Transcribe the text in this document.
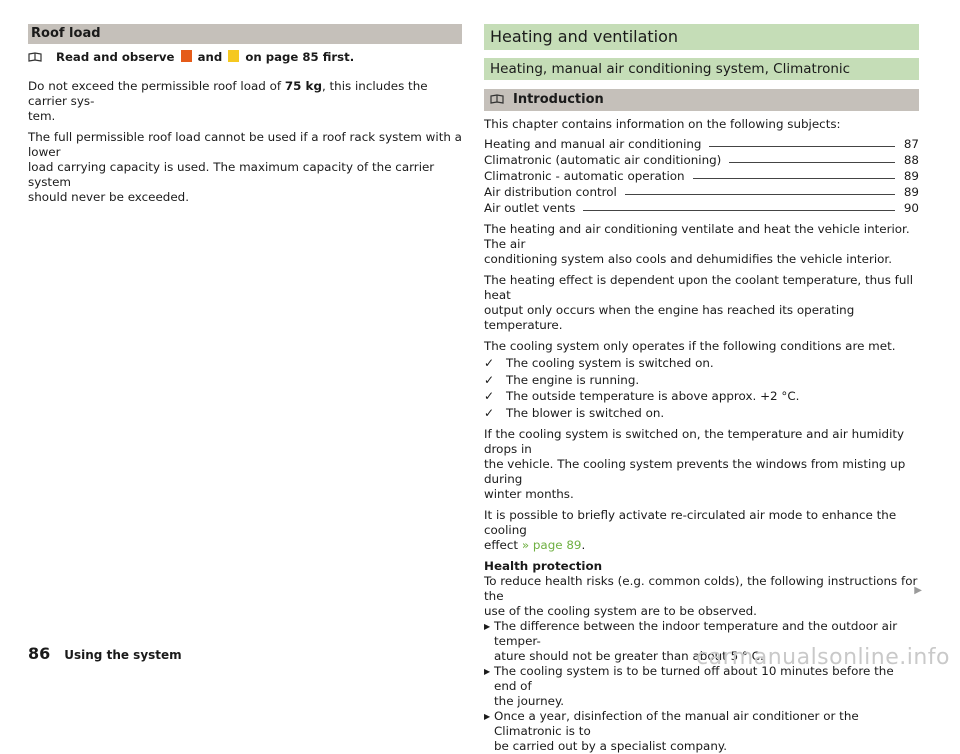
Roof load

Read and observe and on page 85 first.

Do not exceed the permissible roof load of 75 kg, this includes the carrier sys-
tem.

The full permissible roof load cannot be used if a roof rack system with a lower
load carrying capacity is used. The maximum capacity of the carrier system
should never be exceeded.

Heating and ventilation
Heating, manual air conditioning system, Climatronic
Introduction

This chapter contains information on the following subjects:

Heating and manual air conditioning	87
Climatronic (automatic air conditioning)	88
Climatronic - automatic operation	89
Air distribution control	89
Air outlet vents	90

The heating and air conditioning ventilate and heat the vehicle interior. The air
conditioning system also cools and dehumidifies the vehicle interior.

The heating effect is dependent upon the coolant temperature, thus full heat
output only occurs when the engine has reached its operating temperature.

The cooling system only operates if the following conditions are met.

✓	The cooling system is switched on.
✓	The engine is running.
✓	The outside temperature is above approx. +2 °C.
✓	The blower is switched on.

If the cooling system is switched on, the temperature and air humidity drops in
the vehicle. The cooling system prevents the windows from misting up during
winter months.

It is possible to briefly activate re-circulated air mode to enhance the cooling
effect » page 89.

Health protection

To reduce health risks (e.g. common colds), the following instructions for the
use of the cooling system are to be observed.

▶ The difference between the indoor temperature and the outdoor air temper-
ature should not be greater than about 5 ° C.
▶ The cooling system is to be turned off about 10 minutes before the end of
the journey.
▶ Once a year, disinfection of the manual air conditioner or the Climatronic is to
be carried out by a specialist company.
▶
86 Using the system	carmanualsonline.info
